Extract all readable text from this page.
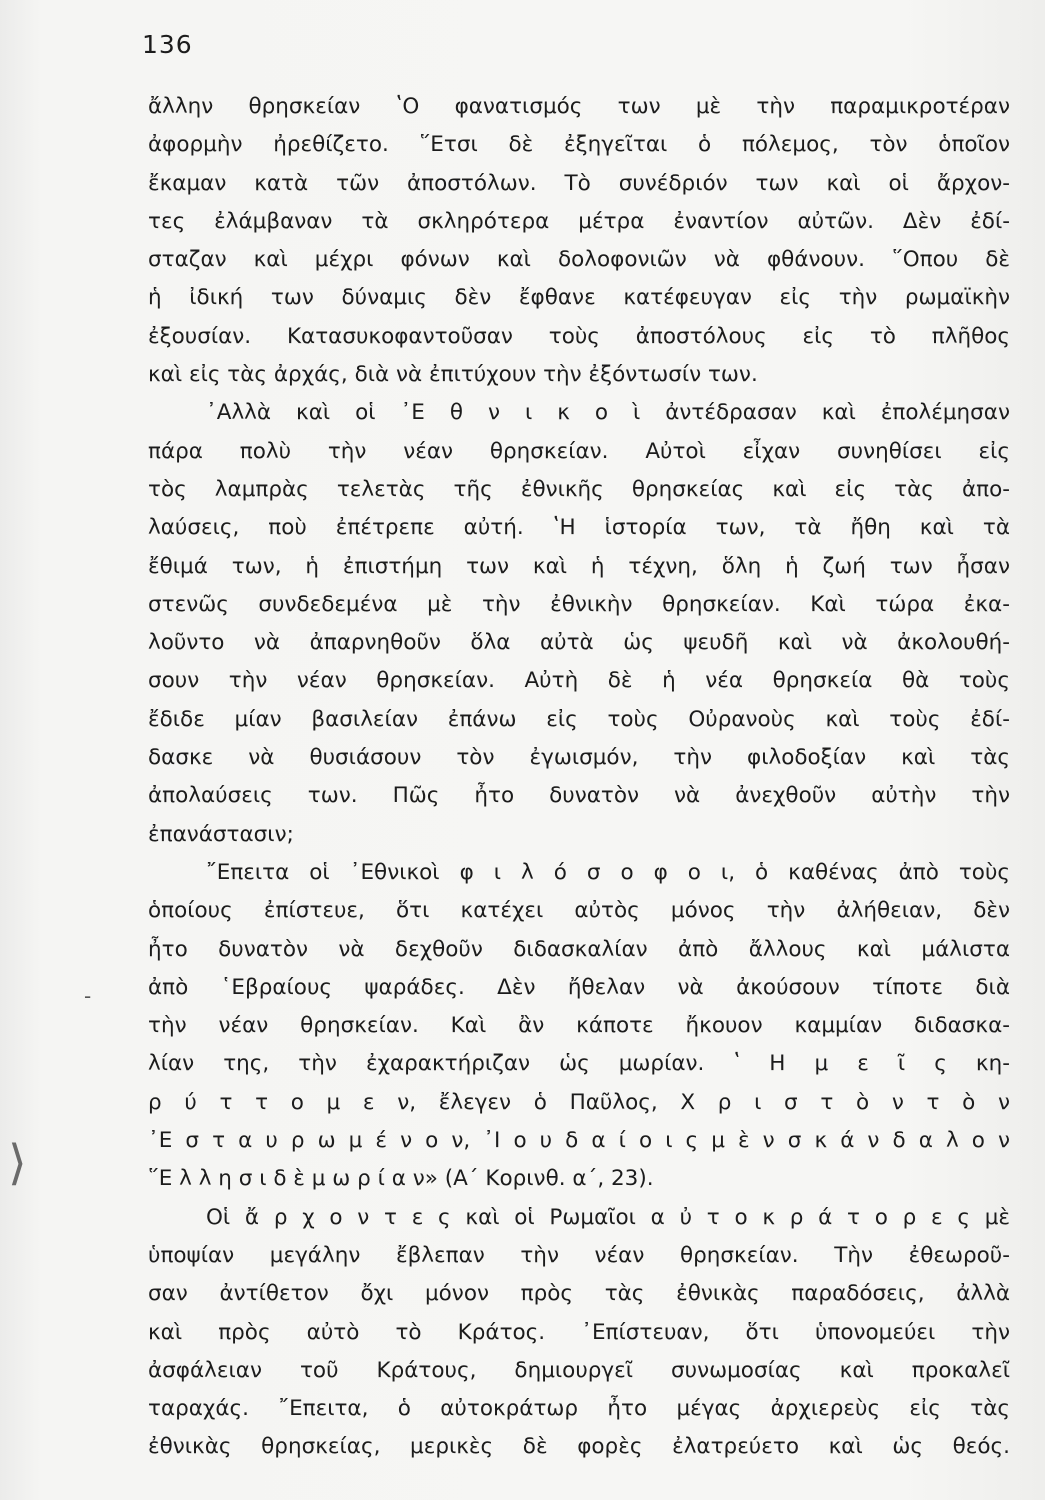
136
ἄλλην θρησκείαν ʽΟ φανατισμός των μὲ τὴν παραμικροτέραν
ἀφορμὴν ἠρεθίζετο. ῞Ετσι δὲ ἐξηγεῖται ὁ πόλεμος, τὸν ὁποῖον
ἔκαμαν κατὰ τῶν ἀποστόλων. Τὸ συνέδριόν των καὶ οἱ ἄρχον-
τες ἐλάμβαναν τὰ σκληρότερα μέτρα ἐναντίον αὐτῶν. Δὲν ἐδί-
σταζαν καὶ μέχρι φόνων καὶ δολοφονιῶν νὰ φθάνουν. ῞Οπου δὲ
ἡ ἰδική των δύναμις δὲν ἔφθανε κατέφευγαν εἰς τὴν ρωμαϊκὴν
ἐξουσίαν. Κατασυκοφαντοῦσαν τοὺς ἀποστόλους εἰς τὸ πλῆθος
καὶ εἰς τὰς ἀρχάς, διὰ νὰ ἐπιτύχουν τὴν ἐξόντωσίν των.
᾿Αλλὰ καὶ οἱ ᾿Ε θ ν ι κ ο ὶ ἀντέδρασαν καὶ ἐπολέμησαν
πάρα πολὺ τὴν νέαν θρησκείαν. Αὐτοὶ εἶχαν συνηθίσει εἰς
τὸς λαμπρὰς τελετὰς τῆς ἐθνικῆς θρησκείας καὶ εἰς τὰς ἀπο-
λαύσεις, ποὺ ἐπέτρεπε αὐτή. ʽΗ ἱστορία των, τὰ ἤθη καὶ τὰ
ἔθιμά των, ἡ ἐπιστήμη των καὶ ἡ τέχνη, ὅλη ἡ ζωή των ἦσαν
στενῶς συνδεδεμένα μὲ τὴν ἐθνικὴν θρησκείαν. Καὶ τώρα ἐκα-
λοῦντο νὰ ἀπαρνηθοῦν ὅλα αὐτὰ ὡς ψευδῆ καὶ νὰ ἀκολουθή-
σουν τὴν νέαν θρησκείαν. Αὐτὴ δὲ ἡ νέα θρησκεία θὰ τοὺς
ἔδιδε μίαν βασιλείαν ἐπάνω εἰς τοὺς Οὐρανοὺς καὶ τοὺς ἐδί-
δασκε νὰ θυσιάσουν τὸν ἐγωισμόν, τὴν φιλοδοξίαν καὶ τὰς
ἀπολαύσεις των. Πῶς ἦτο δυνατὸν νὰ ἀνεχθοῦν αὐτὴν τὴν
ἐπανάστασιν;
῎Επειτα οἱ ᾿Εθνικοὶ φ ι λ ό σ ο φ ο ι, ὁ καθένας ἀπὸ τοὺς
ὁποίους ἐπίστευε, ὅτι κατέχει αὐτὸς μόνος τὴν ἀλήθειαν, δὲν
ἦτο δυνατὸν νὰ δεχθοῦν διδασκαλίαν ἀπὸ ἄλλους καὶ μάλιστα
ἀπὸ ῾Εβραίους ψαράδες. Δὲν ἤθελαν νὰ ἀκούσουν τίποτε διὰ
τὴν νέαν θρησκείαν. Καὶ ἂν κάποτε ἤκουον καμμίαν διδασκα-
λίαν της, τὴν ἐχαρακτήριζαν ὡς μωρίαν. ʽ Η μ ε ῖ ς κη-
ρ ύ τ τ ο μ ε ν, ἔλεγεν ὁ Παῦλος, Χ ρ ι σ τ ὸ ν τ ὸ ν
᾿Ε σ τ α υ ρ ω μ έ ν ο ν, ᾿Ι ο υ δ α ί ο ι ς μ ὲ ν σ κ ά ν δ α λ ο ν
῞Ε λ λ η σ ι δ ὲ μ ω ρ ί α ν» (Α΄ Κορινθ. α΄, 23).
Οἱ ἄ ρ χ ο ν τ ε ς καὶ οἱ Ρωμαῖοι α ὐ τ ο κ ρ ά τ ο ρ ε ς μὲ
ὑποψίαν μεγάλην ἔβλεπαν τὴν νέαν θρησκείαν. Τὴν ἐθεωροῦ-
σαν ἀντίθετον ὄχι μόνον πρὸς τὰς ἐθνικὰς παραδόσεις, ἀλλὰ
καὶ πρὸς αὐτὸ τὸ Κράτος. ᾿Επίστευαν, ὅτι ὑπονομεύει τὴν
ἀσφάλειαν τοῦ Κράτους, δημιουργεῖ συνωμοσίας καὶ προκαλεῖ
ταραχάς. ῎Επειτα, ὁ αὐτοκράτωρ ἦτο μέγας ἀρχιερεὺς εἰς τὰς
ἐθνικὰς θρησκείας, μερικὲς δὲ φορὲς ἐλατρεύετο καὶ ὡς θεός.
‐
⟩
